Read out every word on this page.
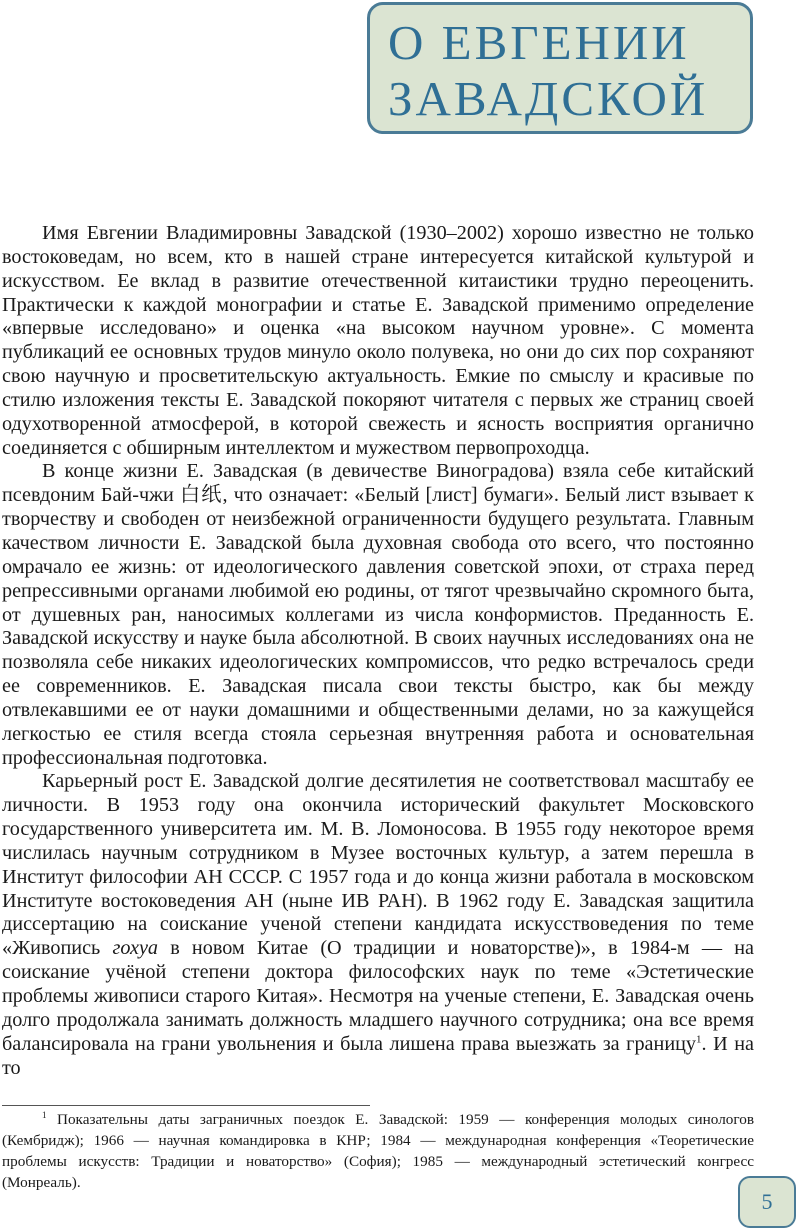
О ЕВГЕНИИ
ЗАВАДСКОЙ

Имя Евгении Владимировны Завадской (1930–2002) хорошо известно не только востоковедам, но всем, кто в нашей стране интересуется китайской культурой и искусством. Ее вклад в развитие отечественной китаистики трудно переоценить. Практически к каждой монографии и статье Е. Завадской применимо определение «впервые исследовано» и оценка «на высоком научном уровне». С момента публикаций ее основных трудов минуло около полувека, но они до сих пор сохраняют свою научную и просветительскую актуальность. Емкие по смыслу и красивые по стилю изложения тексты Е. Завадской покоряют читателя с первых же страниц своей одухотворенной атмосферой, в которой свежесть и ясность восприятия органично соединяется с обширным интеллектом и мужеством первопроходца.

В конце жизни Е. Завадская (в девичестве Виноградова) взяла себе китайский псевдоним Бай-чжи 白纸, что означает: «Белый [лист] бумаги». Белый лист взывает к творчеству и свободен от неизбежной ограниченности будущего результата. Главным качеством личности Е. Завадской была духовная свобода ото всего, что постоянно омрачало ее жизнь: от идеологического давления советской эпохи, от страха перед репрессивными органами любимой ею родины, от тягот чрезвычайно скромного быта, от душевных ран, наносимых коллегами из числа конформистов. Преданность Е. Завадской искусству и науке была абсолютной. В своих научных исследованиях она не позволяла себе никаких идеологических компромиссов, что редко встречалось среди ее современников. Е. Завадская писала свои тексты быстро, как бы между отвлекавшими ее от науки домашними и общественными делами, но за кажущейся легкостью ее стиля всегда стояла серьезная внутренняя работа и основательная профессиональная подготовка.

Карьерный рост Е. Завадской долгие десятилетия не соответствовал масштабу ее личности. В 1953 году она окончила исторический факультет Московского государственного университета им. М. В. Ломоносова. В 1955 году некоторое время числилась научным сотрудником в Музее восточных культур, а затем перешла в Институт философии АН СССР. С 1957 года и до конца жизни работала в московском Институте востоковедения АН (ныне ИВ РАН). В 1962 году Е. Завадская защитила диссертацию на соискание ученой степени кандидата искусствоведения по теме «Живопись гохуа в новом Китае (О традиции и новаторстве)», в 1984-м — на соискание учёной степени доктора философских наук по теме «Эстетические проблемы живописи старого Китая». Несмотря на ученые степени, Е. Завадская очень долго продолжала занимать должность младшего научного сотрудника; она все время балансировала на грани увольнения и была лишена права выезжать за границу$^1$. И на то

$^1$ Показательны даты заграничных поездок Е. Завадской: 1959 — конференция молодых синологов (Кембридж); 1966 — научная командировка в КНР; 1984 — международная конференция «Теоретические проблемы искусств: Традиции и новаторство» (София); 1985 — международный эстетический конгресс (Монреаль).

5
